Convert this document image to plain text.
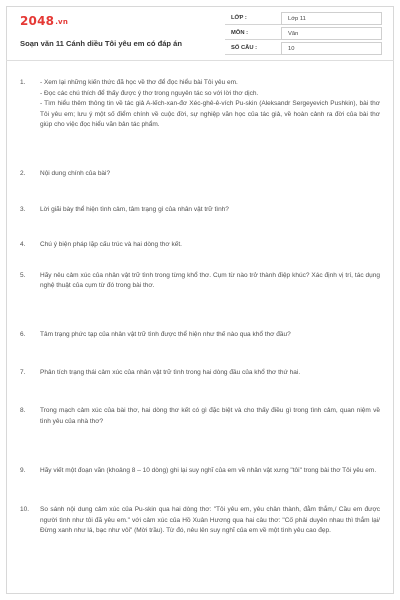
2048.vn
Soạn văn 11 Cánh diều Tôi yêu em có đáp án
LỚP :	Lớp 11
MÔN :	Văn
SỐ CÂU :	10
1.	- Xem lại những kiến thức đã học về thơ để đọc hiểu bài Tôi yêu em.
- Đọc các chú thích để thấy được ý thơ trong nguyên tác so với lời thơ dịch.
- Tìm hiểu thêm thông tin về tác giả A-lếch-xan-đơ Xéc-ghê-ê-vích Pu-skin (Aleksandr Sergeyevich Pushkin), bài thơ Tôi yêu em; lưu ý một số điểm chính về cuộc đời, sự nghiệp văn học của tác giả, về hoàn cảnh ra đời của bài thơ giúp cho việc đọc hiểu văn bản tác phẩm.
2.	Nội dung chính của bài?
3.	Lời giãi bày thể hiện tình cảm, tâm trạng gì của nhân vật trữ tình?
4.	Chú ý biện pháp lặp cấu trúc và hai dòng thơ kết.
5.	Hãy nêu cảm xúc của nhân vật trữ tình trong từng khổ thơ. Cụm từ nào trở thành điệp khúc? Xác định vị trí, tác dụng nghệ thuật của cụm từ đó trong bài thơ.
6.	Tâm trạng phức tạp của nhân vật trữ tình được thể hiện như thế nào qua khổ thơ đầu?
7.	Phân tích trạng thái cảm xúc của nhân vật trữ tình trong hai dòng đầu của khổ thơ thứ hai.
8.	Trong mạch cảm xúc của bài thơ, hai dòng thơ kết có gì đặc biệt và cho thấy điều gì trong tình cảm, quan niệm về tình yêu của nhà thơ?
9.	Hãy viết một đoạn văn (khoảng 8 – 10 dòng) ghi lại suy nghĩ của em về nhân vật xưng "tôi" trong bài thơ Tôi yêu em.
10.	So sánh nội dung cảm xúc của Pu-skin qua hai dòng thơ: "Tôi yêu em, yêu chân thành, đằm thắm,/ Cầu em được người tình như tôi đã yêu em." với cảm xúc của Hồ Xuân Hương qua hai câu thơ: "Cố phải duyên nhau thì thắm lại/ Đừng xanh như lá, bạc như vôi" (Mời trầu). Từ đó, nêu lên suy nghĩ của em về một tình yêu cao đẹp.
